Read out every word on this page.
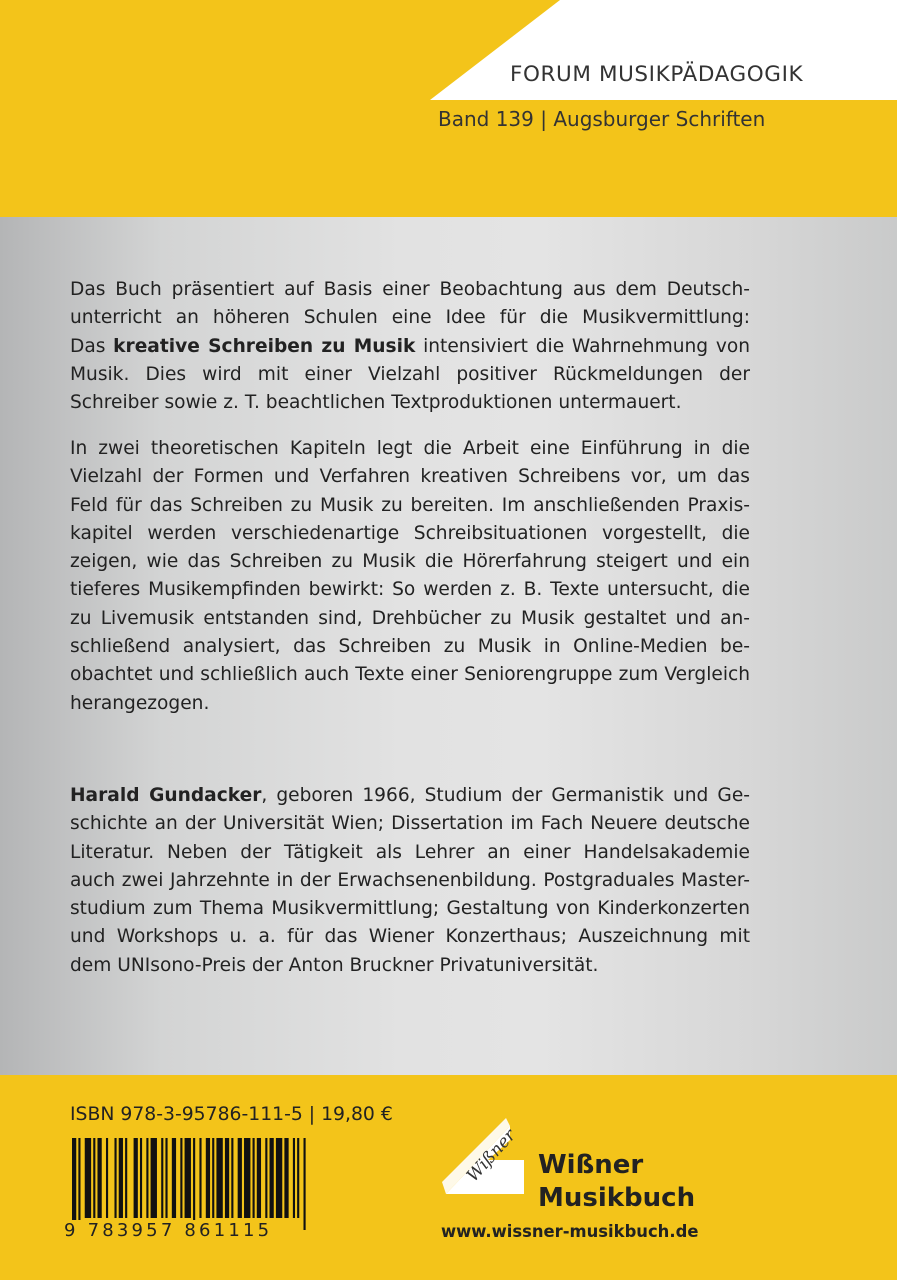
FORUM MUSIKPÄDAGOGIK
Band 139 | Augsburger Schriften
Das Buch präsentiert auf Basis einer Beobachtung aus dem Deutsch-
unterricht an höheren Schulen eine Idee für die Musikvermittlung:
Das kreative Schreiben zu Musik intensiviert die Wahrnehmung von
Musik. Dies wird mit einer Vielzahl positiver Rückmeldungen der
Schreiber sowie z. T. beachtlichen Textproduktionen untermauert.
In zwei theoretischen Kapiteln legt die Arbeit eine Einführung in die
Vielzahl der Formen und Verfahren kreativen Schreibens vor, um das
Feld für das Schreiben zu Musik zu bereiten. Im anschließenden Praxis-
kapitel werden verschiedenartige Schreibsituationen vorgestellt, die
zeigen, wie das Schreiben zu Musik die Hörerfahrung steigert und ein
tieferes Musikempfinden bewirkt: So werden z. B. Texte untersucht, die
zu Livemusik entstanden sind, Drehbücher zu Musik gestaltet und an-
schließend analysiert, das Schreiben zu Musik in Online-Medien be-
obachtet und schließlich auch Texte einer Seniorengruppe zum Vergleich
herangezogen.
Harald Gundacker, geboren 1966, Studium der Germanistik und Ge-
schichte an der Universität Wien; Dissertation im Fach Neuere deutsche
Literatur. Neben der Tätigkeit als Lehrer an einer Handelsakademie
auch zwei Jahrzehnte in der Erwachsenenbildung. Postgraduales Master-
studium zum Thema Musikvermittlung; Gestaltung von Kinderkonzerten
und Workshops u. a. für das Wiener Konzerthaus; Auszeichnung mit
dem UNIsono-Preis der Anton Bruckner Privatuniversität.
ISBN 978-3-95786-111-5 | 19,80 €
9 783957 861115
Wißner Wißner
Musikbuch
www.wissner-musikbuch.de
